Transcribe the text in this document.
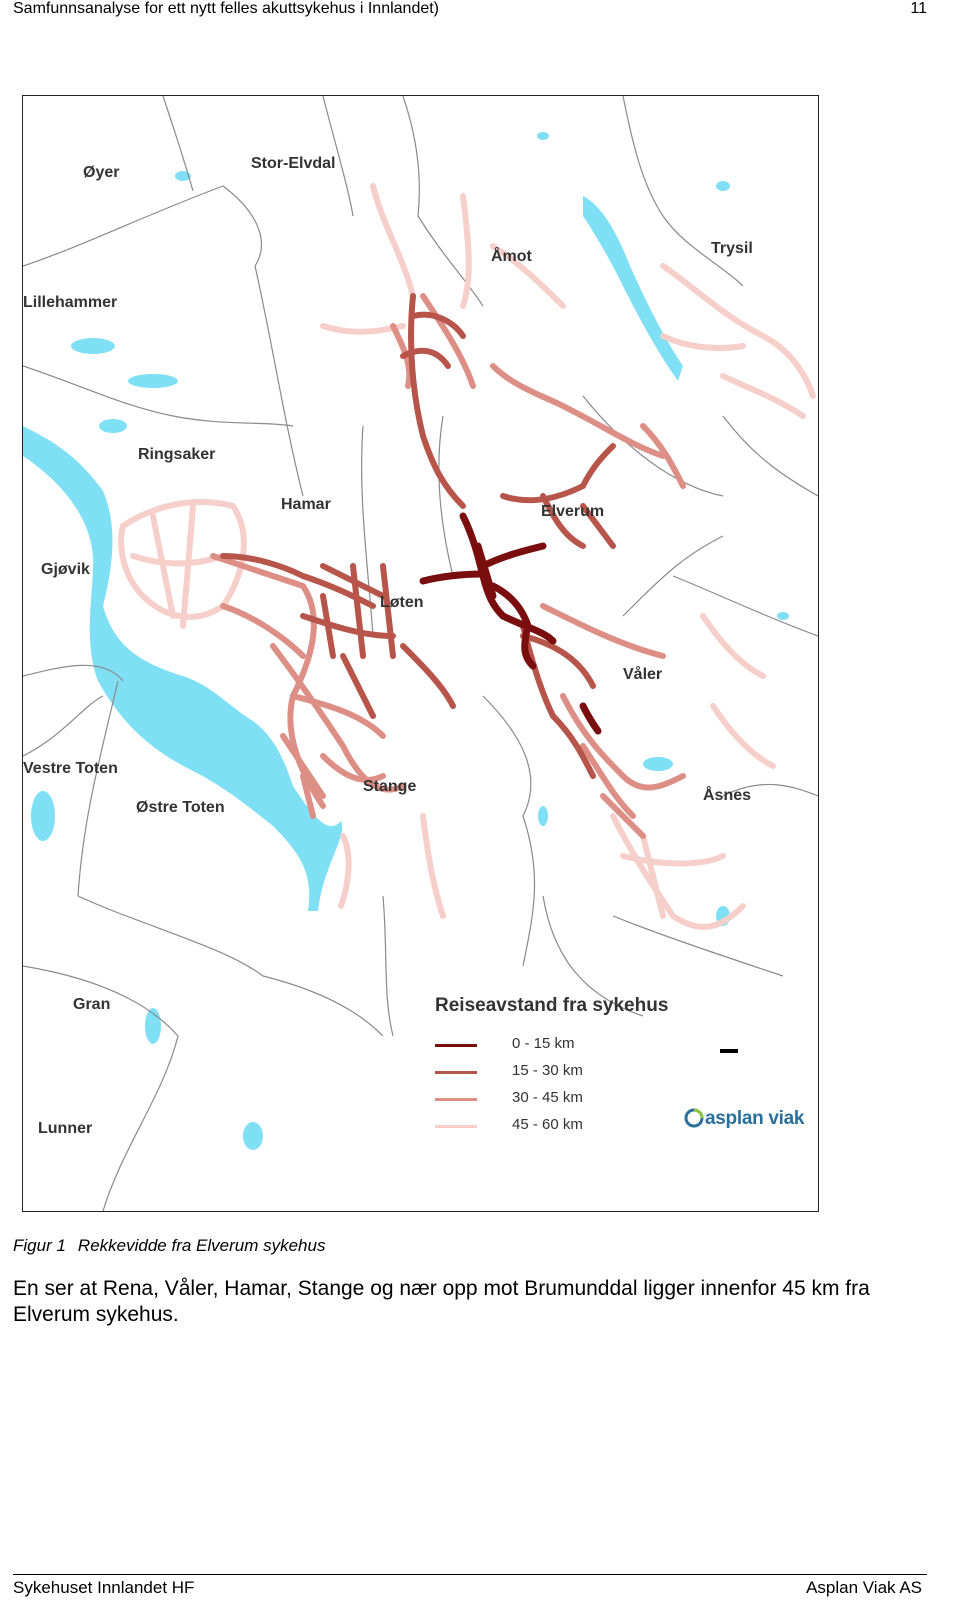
Samfunnsanalyse for ett nytt felles akuttsykehus i Innlandet)	11
Øyer
Stor-Elvdal
Åmot	Trysil
Lillehammer
Ringsaker
Hamar	Elverum
Gjøvik
Løten
Våler
Vestre Toten
Østre Toten
Stange
Åsnes
Gran
Lunner
Reiseavstand fra sykehus
0 - 15 km
15 - 30 km
30 - 45 km
45 - 60 km	asplan viak
Figur 1 Rekkevidde fra Elverum sykehus
En ser at Rena, Våler, Hamar, Stange og nær opp mot Brumunddal ligger innenfor 45 km fra Elverum sykehus.
Sykehuset Innlandet HF	Asplan Viak AS
